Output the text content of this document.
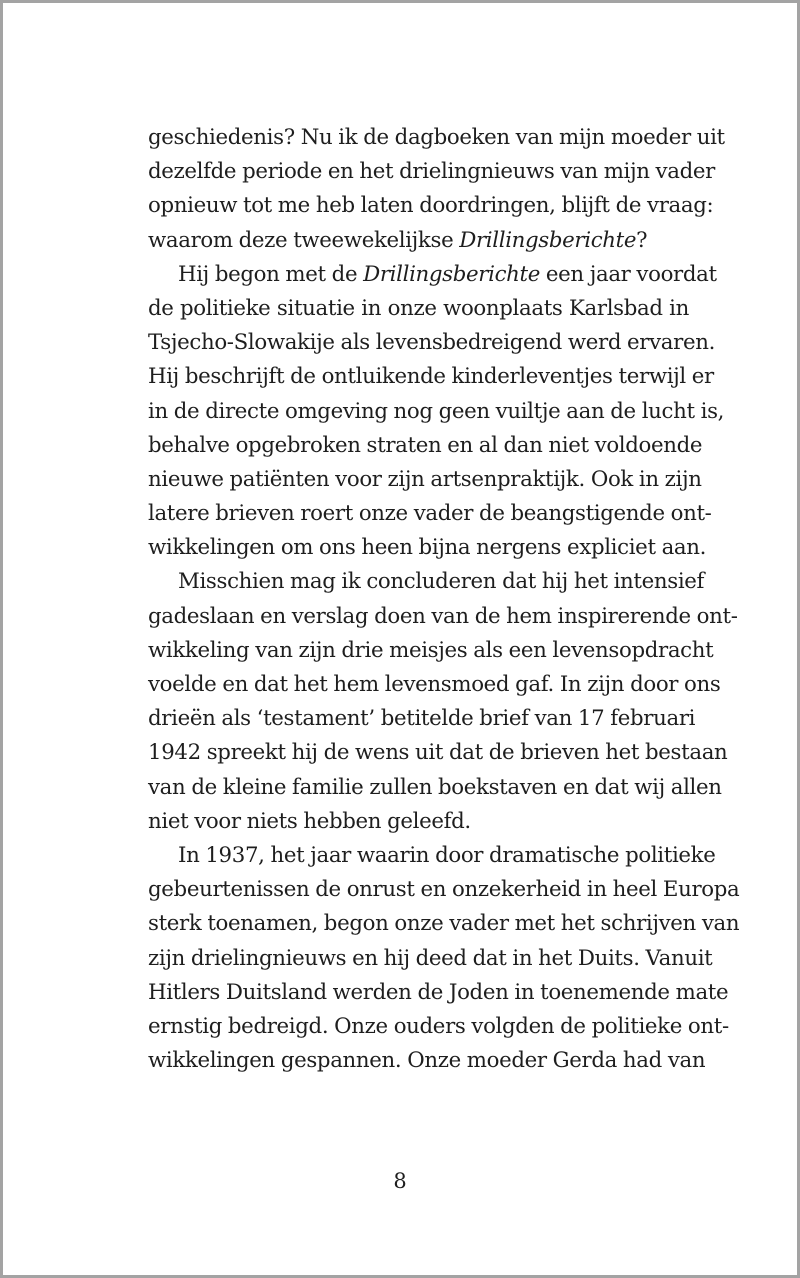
geschiedenis? Nu ik de dagboeken van mijn moeder uit
dezelfde periode en het drielingnieuws van mijn vader
opnieuw tot me heb laten doordringen, blijft de vraag:
waarom deze tweewekelijkse Drillingsberichte?
Hij begon met de Drillingsberichte een jaar voordat
de politieke situatie in onze woonplaats Karlsbad in
Tsjecho-Slowakije als levensbedreigend werd ervaren.
Hij beschrijft de ontluikende kinderleventjes terwijl er
in de directe omgeving nog geen vuiltje aan de lucht is,
behalve opgebroken straten en al dan niet voldoende
nieuwe patiënten voor zijn artsenpraktijk. Ook in zijn
latere brieven roert onze vader de beangstigende ont-
wikkelingen om ons heen bijna nergens expliciet aan.
Misschien mag ik concluderen dat hij het intensief
gadeslaan en verslag doen van de hem inspirerende ont-
wikkeling van zijn drie meisjes als een levensopdracht
voelde en dat het hem levensmoed gaf. In zijn door ons
drieën als ‘testament’ betitelde brief van 17 februari
1942 spreekt hij de wens uit dat de brieven het bestaan
van de kleine familie zullen boekstaven en dat wij allen
niet voor niets hebben geleefd.
In 1937, het jaar waarin door dramatische politieke
gebeurtenissen de onrust en onzekerheid in heel Europa
sterk toenamen, begon onze vader met het schrijven van
zijn drielingnieuws en hij deed dat in het Duits. Vanuit
Hitlers Duitsland werden de Joden in toenemende mate
ernstig bedreigd. Onze ouders volgden de politieke ont-
wikkelingen gespannen. Onze moeder Gerda had van
8
